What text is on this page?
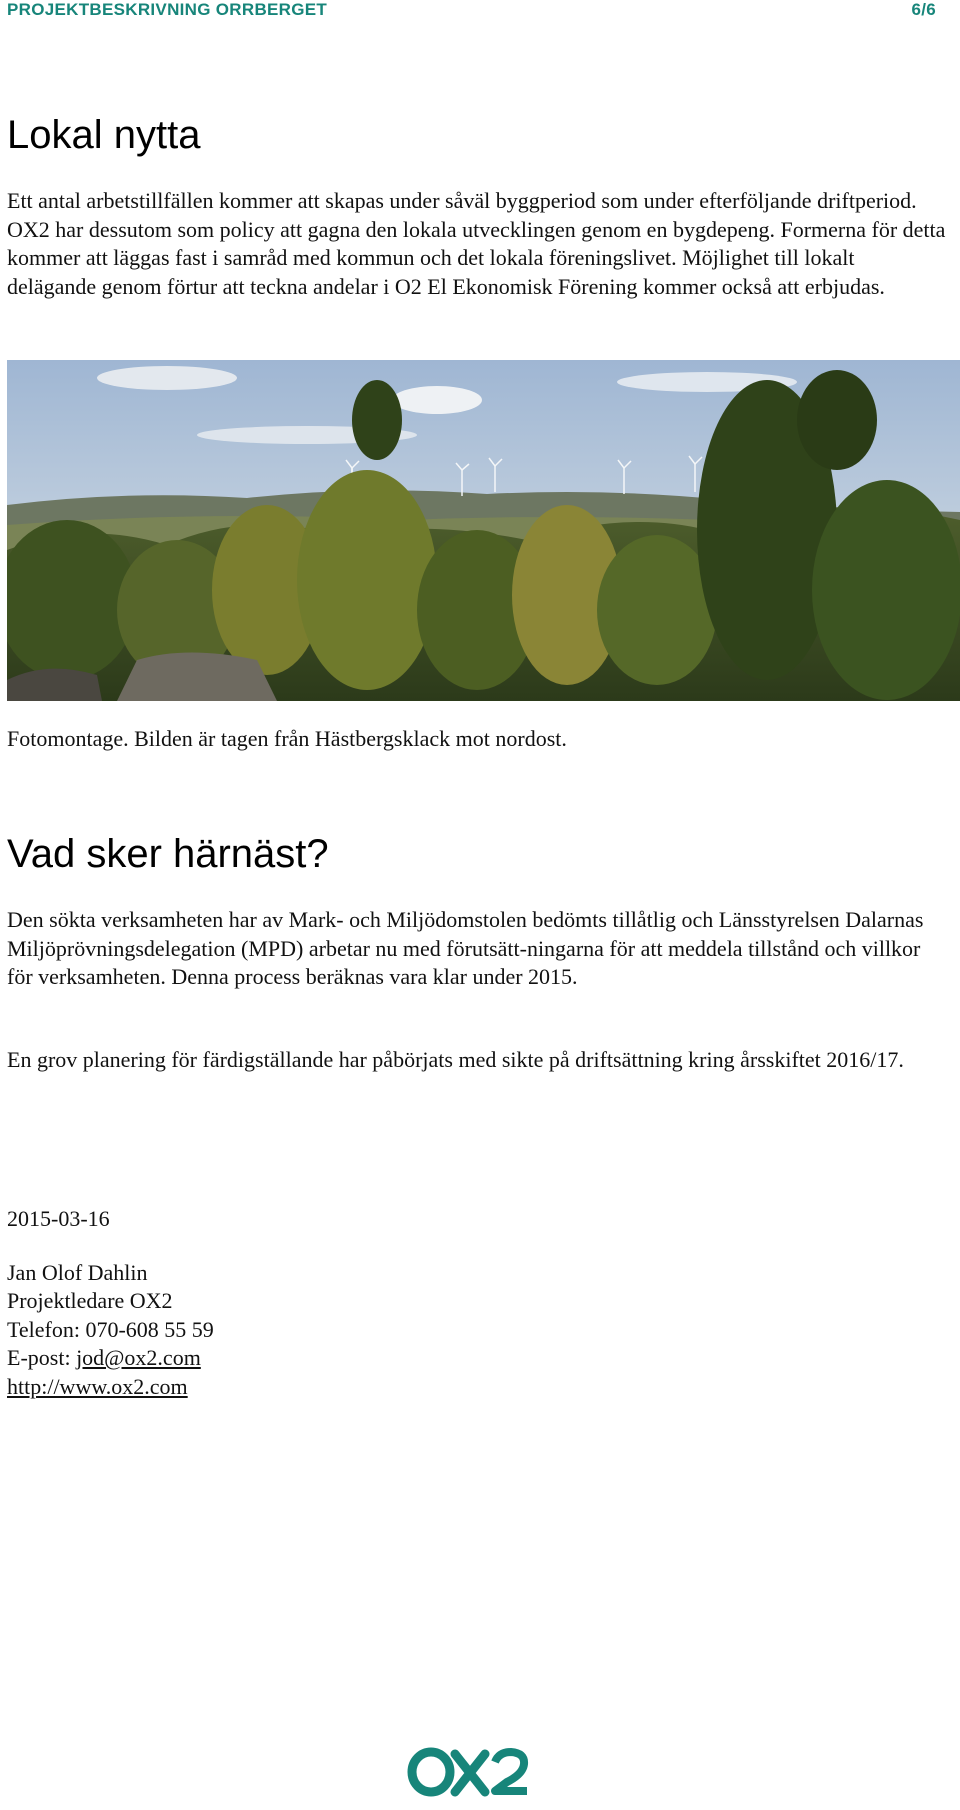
PROJEKTBESKRIVNING ORRBERGET	6/6
Lokal nytta

Ett antal arbetstillfällen kommer att skapas under såväl byggperiod som under efterföljande driftperiod. OX2 har dessutom som policy att gagna den lokala utvecklingen genom en bygdepeng. Formerna för detta kommer att läggas fast i samråd med kommun och det lokala föreningslivet. Möjlighet till lokalt delägande genom förtur att teckna andelar i O2 El Ekonomisk Förening kommer också att erbjudas.

Fotomontage. Bilden är tagen från Hästbergsklack mot nordost.

Vad sker härnäst?

Den sökta verksamheten har av Mark- och Miljödomstolen bedömts tillåtlig och Länsstyrelsen Dalarnas Miljöprövningsdelegation (MPD) arbetar nu med förutsätt-ningarna för att meddela tillstånd och villkor för verksamheten. Denna process beräknas vara klar under 2015.

En grov planering för färdigställande har påbörjats med sikte på driftsättning kring årsskiftet 2016/17.

2015-03-16
Jan Olof Dahlin
Projektledare OX2
Telefon: 070-608 55 59
E-post: jod@ox2.com
http://www.ox2.com
